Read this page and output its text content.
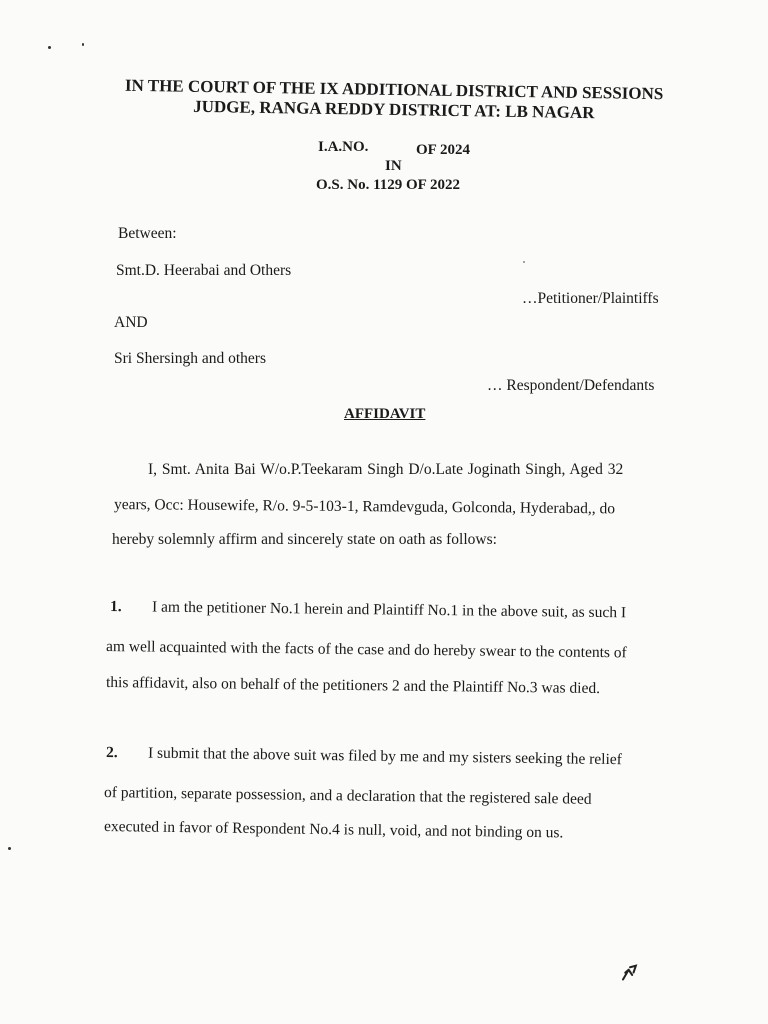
IN THE COURT OF THE IX ADDITIONAL DISTRICT AND SESSIONS
JUDGE, RANGA REDDY DISTRICT AT: LB NAGAR
I.A.NO.	OF 2024
IN
O.S. No. 1129 OF 2022
Between:
Smt.D. Heerabai and Others
…Petitioner/Plaintiffs
AND
Sri Shersingh and others
… Respondent/Defendants
AFFIDAVIT
I, Smt. Anita Bai W/o.P.Teekaram Singh D/o.Late Joginath Singh, Aged 32
years, Occ: Housewife, R/o. 9-5-103-1, Ramdevguda, Golconda, Hyderabad,, do
hereby solemnly affirm and sincerely state on oath as follows:
1. I am the petitioner No.1 herein and Plaintiff No.1 in the above suit, as such I
am well acquainted with the facts of the case and do hereby swear to the contents of
this affidavit, also on behalf of the petitioners 2 and the Plaintiff No.3 was died.
2. I submit that the above suit was filed by me and my sisters seeking the relief
of partition, separate possession, and a declaration that the registered sale deed
executed in favor of Respondent No.4 is null, void, and not binding on us.
